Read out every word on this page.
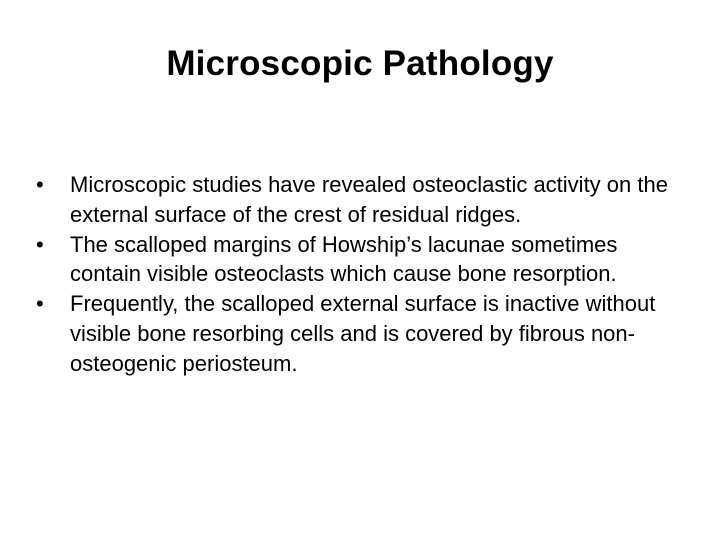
Microscopic Pathology
•	Microscopic studies have revealed osteoclastic activity on the external surface of the crest of residual ridges.
•	The scalloped margins of Howship’s lacunae sometimes contain visible osteoclasts which cause bone resorption.
•	Frequently, the scalloped external surface is inactive without visible bone resorbing cells and is covered by fibrous non-osteogenic periosteum.
